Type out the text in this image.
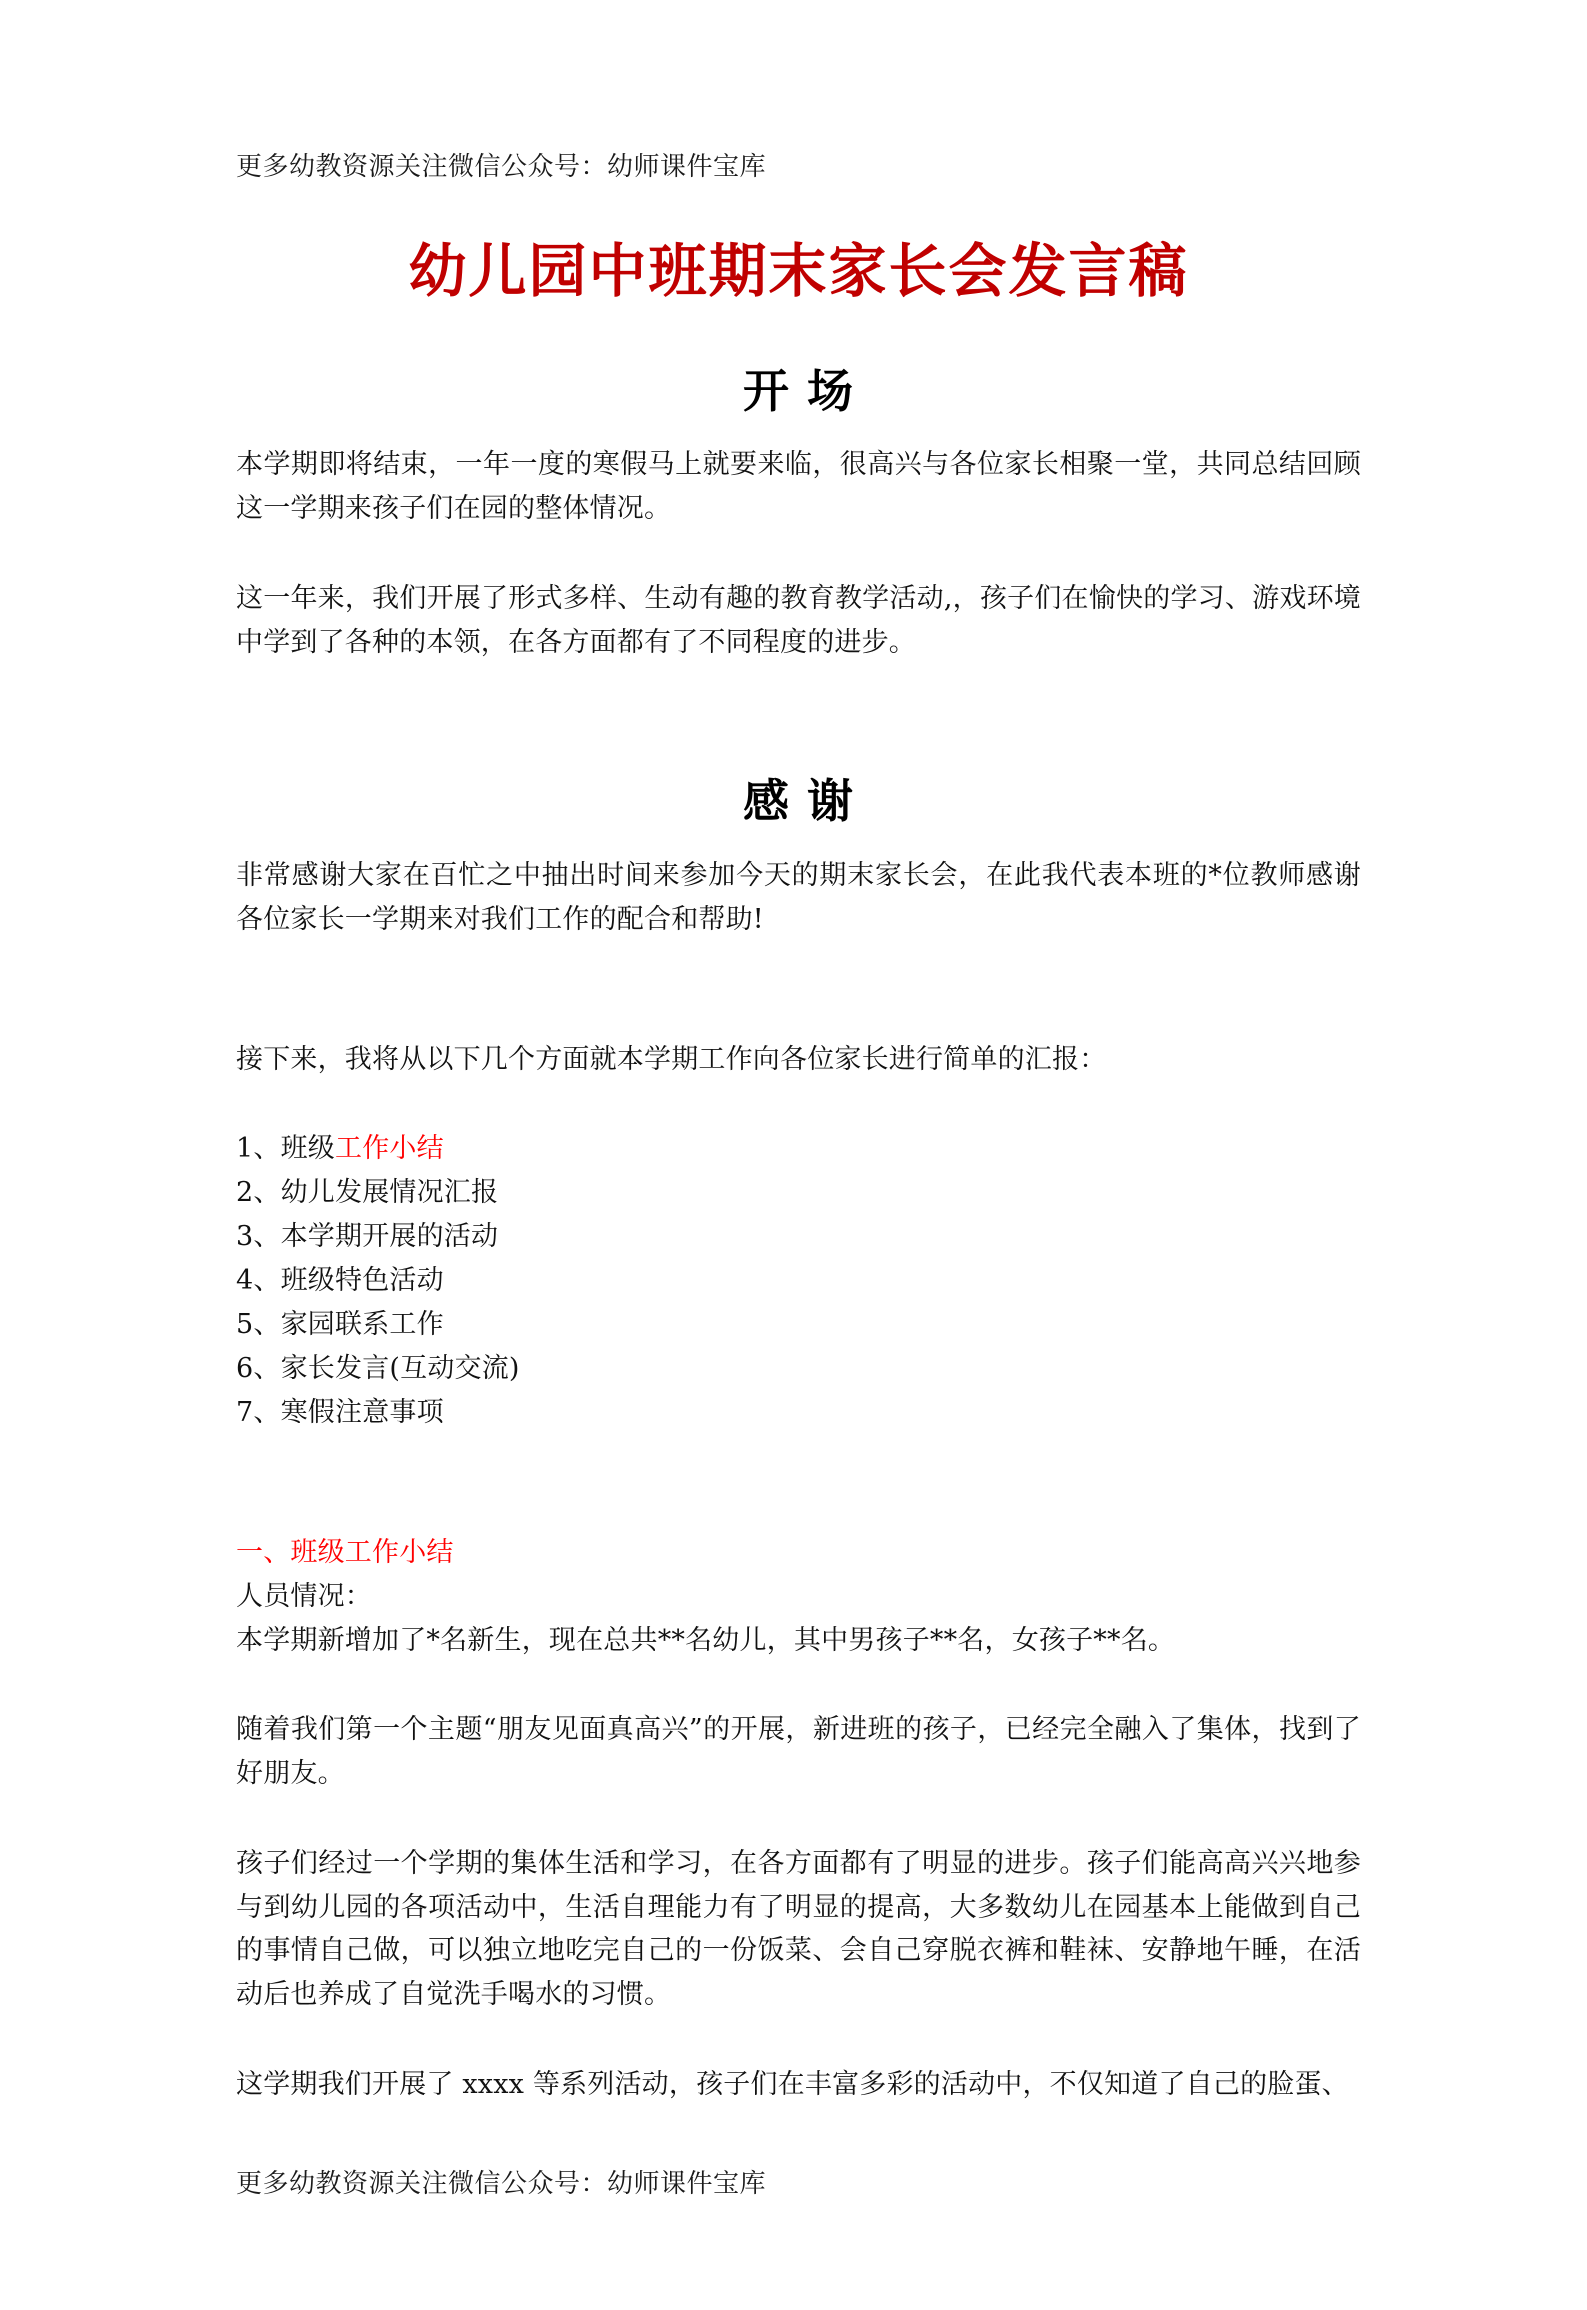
更多幼教资源关注微信公众号：幼师课件宝库
幼儿园中班期末家长会发言稿
开 场

本学期即将结束，一年一度的寒假马上就要来临，很高兴与各位家长相聚一堂，共同总结回顾这一学期来孩子们在园的整体情况。

这一年来，我们开展了形式多样、生动有趣的教育教学活动,，孩子们在愉快的学习、游戏环境中学到了各种的本领，在各方面都有了不同程度的进步。

感 谢

非常感谢大家在百忙之中抽出时间来参加今天的期末家长会，在此我代表本班的*位教师感谢各位家长一学期来对我们工作的配合和帮助!

接下来，我将从以下几个方面就本学期工作向各位家长进行简单的汇报：

1、班级工作小结
2、幼儿发展情况汇报
3、本学期开展的活动
4、班级特色活动
5、家园联系工作
6、家长发言(互动交流)
7、寒假注意事项

一、班级工作小结

人员情况：

本学期新增加了*名新生，现在总共**名幼儿，其中男孩子**名，女孩子**名。

随着我们第一个主题“朋友见面真高兴”的开展，新进班的孩子，已经完全融入了集体，找到了好朋友。

孩子们经过一个学期的集体生活和学习，在各方面都有了明显的进步。孩子们能高高兴兴地参与到幼儿园的各项活动中，生活自理能力有了明显的提高，大多数幼儿在园基本上能做到自己的事情自己做，可以独立地吃完自己的一份饭菜、会自己穿脱衣裤和鞋袜、安静地午睡，在活动后也养成了自觉洗手喝水的习惯。

这学期我们开展了 xxxx 等系列活动，孩子们在丰富多彩的活动中，不仅知道了自己的脸蛋、

更多幼教资源关注微信公众号：幼师课件宝库
